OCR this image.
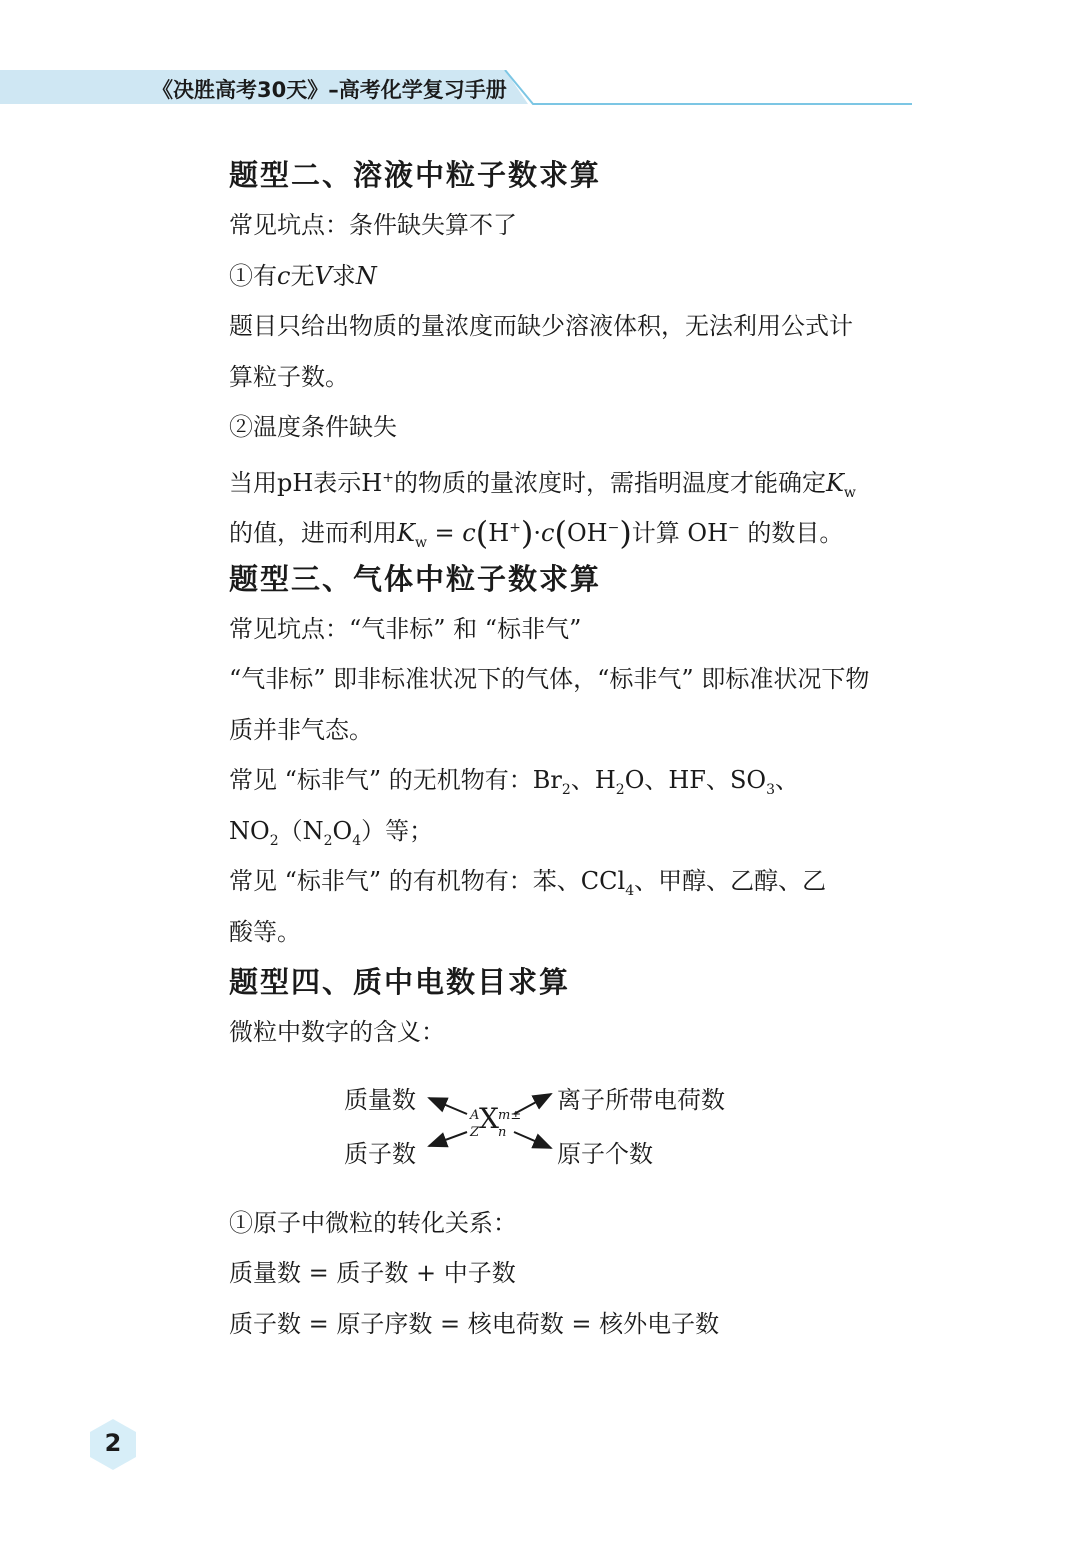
《决胜高考30天》–高考化学复习手册
题型二、溶液中粒子数求算
常见坑点：条件缺失算不了
①有c无V求N
题目只给出物质的量浓度而缺少溶液体积，无法利用公式计
算粒子数。
②温度条件缺失
当用pH表示H+的物质的量浓度时，需指明温度才能确定$K_w$
的值，进而利用$K_w = c(H^+)\cdot c(OH^-)$计算 OH− 的数目。
题型三、气体中粒子数求算
常见坑点：“气非标” 和 “标非气”
“气非标” 即非标准状况下的气体，“标非气” 即标准状况下物
质并非气态。
常见 “标非气” 的无机物有：$Br_2$、$H_2O$、HF、$SO_3$、
$NO_2(N_2O_4)$等；
常见 “标非气” 的有机物有：苯、CCl$_4$、甲醇、乙醇、乙
酸等。
题型四、质中电数目求算
微粒中数字的含义：
质量数	离子所带电荷数
质子数	原子个数
A
Z X m±
n
①原子中微粒的转化关系：
质量数 = 质子数 + 中子数
质子数 = 原子序数 = 核电荷数 = 核外电子数
2
